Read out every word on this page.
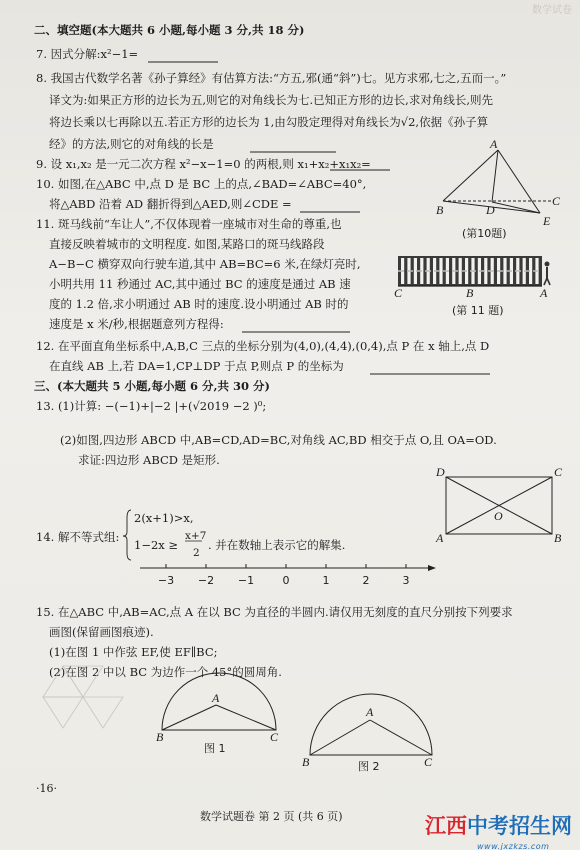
数学试卷
二、填空题(本大题共 6 小题,每小题 3 分,共 18 分)
7. 因式分解:x²−1=
8. 我国古代数学名著《孙子算经》有估算方法:“方五,邪(通“斜”)七。见方求邪,七之,五而一。”
译文为:如果正方形的边长为五,则它的对角线长为七.已知正方形的边长,求对角线长,则先
将边长乘以七再除以五.若正方形的边长为 1,由勾股定理得对角线长为√2,依据《孙子算
经》的方法,则它的对角线的长是
9. 设 x₁,x₂ 是一元二次方程 x²−x−1=0 的两根,则 x₁+x₂+x₁x₂=
10. 如图,在△ABC 中,点 D 是 BC 上的点,∠BAD=∠ABC=40°,
将△ABD 沿着 AD 翻折得到△AED,则∠CDE =
11. 斑马线前“车让人”,不仅体现着一座城市对生命的尊重,也
直接反映着城市的文明程度. 如图,某路口的斑马线路段
A−B−C 横穿双向行驶车道,其中 AB=BC=6 米,在绿灯亮时,
小明共用 11 秒通过 AC,其中通过 BC 的速度是通过 AB 速
度的 1.2 倍,求小明通过 AB 时的速度.设小明通过 AB 时的
速度是 x 米/秒,根据题意列方程得:
12. 在平面直角坐标系中,A,B,C 三点的坐标分别为(4,0),(4,4),(0,4),点 P 在 x 轴上,点 D
在直线 AB 上,若 DA=1,CP⊥DP 于点 P,则点 P 的坐标为
三、(本大题共 5 小题,每小题 6 分,共 30 分)
13. (1)计算: −(−1)+|−2 |+(√2019 −2 )⁰;
(2)如图,四边形 ABCD 中,AB=CD,AD=BC,对角线 AC,BD 相交于点 O,且 OA=OD.
求证:四边形 ABCD 是矩形.
14. 解不等式组:
2(x+1)>x,
1−2x ≥
x+7
2
. 并在数轴上表示它的解集.
15. 在△ABC 中,AB=AC,点 A 在以 BC 为直径的半圆内.请仅用无刻度的直尺分别按下列要求
画图(保留画图痕迹).
(1)在图 1 中作弦 EF,使 EF∥BC;
(2)在图 2 中以 BC 为边作一个 45°的圆周角.
A
B	D
C
E
(第10题)
C	B	A
(第 11 题)
D	C
A	B
O
−3 −2 −1	0	1	2	3
A
B	C
图 1
A
B	C
图 2
·16·
数学试题卷 第 2 页 (共 6 页)	江西中考招生网
www.jxzkzs.com
